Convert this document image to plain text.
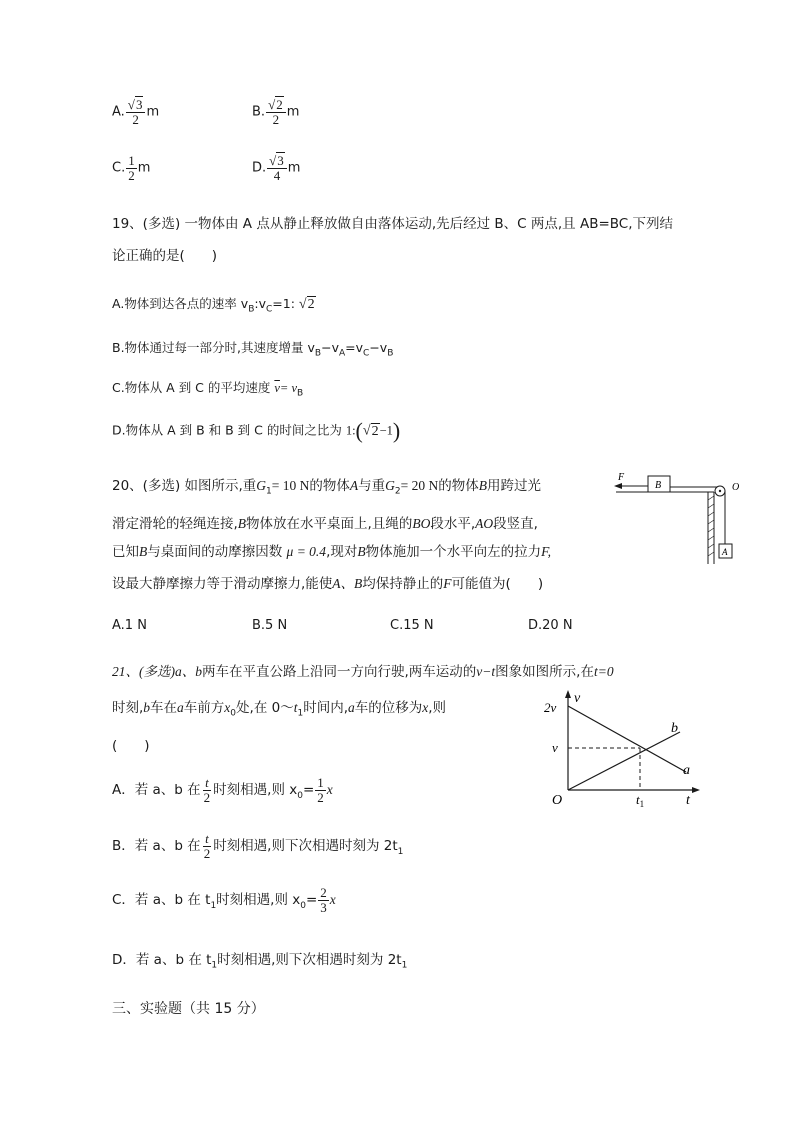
A. $\frac{√3}{2}$ m	B. $\frac{√2}{2}$ m
C. $\frac{1}{2}$ m	D. $\frac{√3}{4}$ m
19、(多选) 一物体由 A 点从静止释放做自由落体运动,先后经过 B、C 两点,且 AB=BC,下列结
论正确的是(　　)
A.物体到达各点的速率 $v_B:v_C=1$: √2
B.物体通过每一部分时,其速度增量 $v_B-v_A=v_C-v_B$
C.物体从 A 到 C 的平均速度 $\overline{v}= v_B$
D.物体从 A 到 B 和 B 到 C 的时间之比为 1:(√2−1)
20、(多选) 如图所示,重$G_1= 10$ N的物体A与重$G_2= 20$ N的物体B用跨过光
滑定滑轮的轻绳连接,B物体放在水平桌面上,且绳的BO段水平,AO段竖直,
已知B与桌面间的动摩擦因数 μ = 0.4,现对B物体施加一个水平向左的拉力F,
设最大静摩擦力等于滑动摩擦力,能使A、B均保持静止的F可能值为(　　)
A.1 N	B.5 N	C.15 N	D.20 N
F
B	O
A
21、(多选)a、b两车在平直公路上沿同一方向行驶,两车运动的v−t图象如图所示,在t=0
时刻,b车在a车前方$x_0$处,在 $0\sim t_1$时间内,a车的位移为x,则
(　　)
A．若 a、b 在 $\frac{t}{2}$ 时刻相遇,则 $x_0= \frac{1}{2}$ x
B．若 a、b 在 $\frac{t}{2}$ 时刻相遇,则下次相遇时刻为 $2t_1$
C．若 a、b 在 $t_1$时刻相遇,则 $x_0= \frac{2}{3}$ x
D．若 a、b 在 $t_1$时刻相遇,则下次相遇时刻为 $2t_1$
v
2v
v
O	$t_1$	t
a
b
三、实验题（共 15 分）
